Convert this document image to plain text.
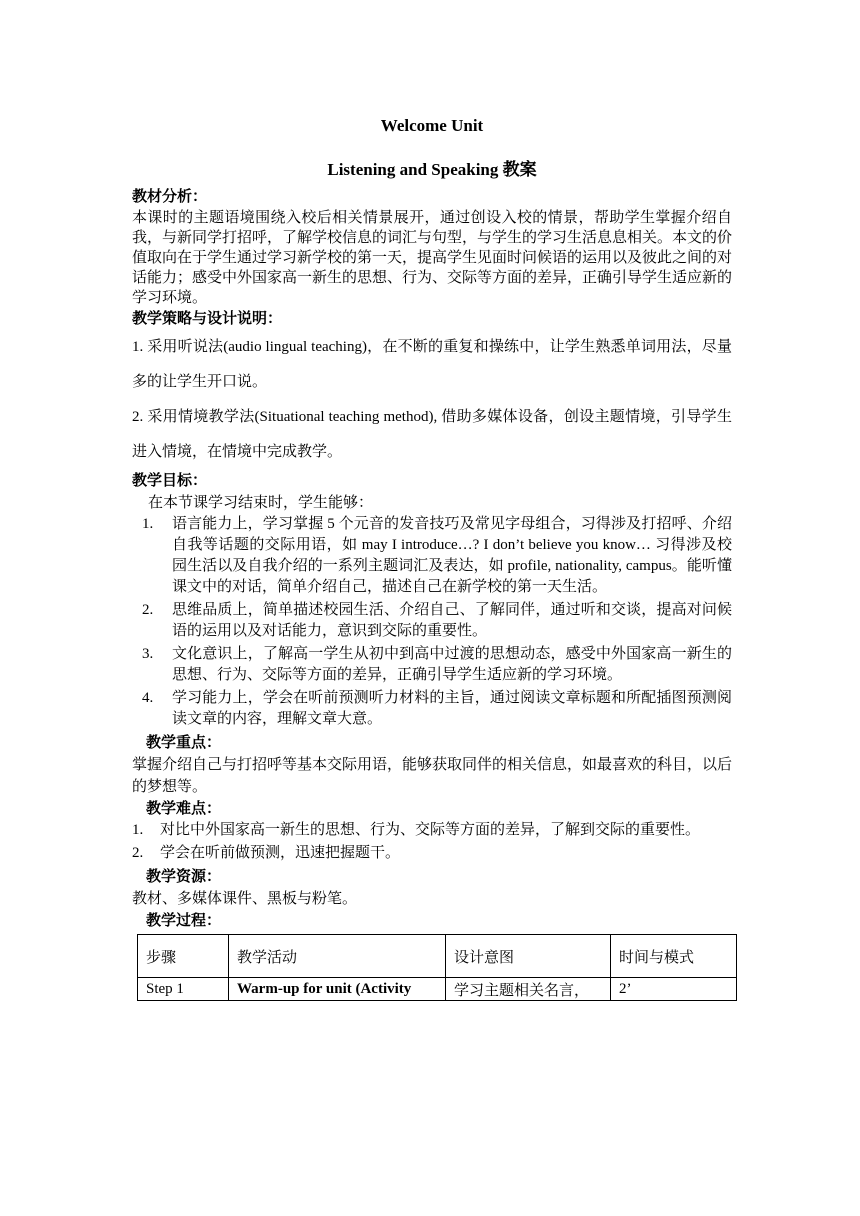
Welcome Unit
Listening and Speaking 教案
教材分析：
本课时的主题语境围绕入校后相关情景展开，通过创设入校的情景，帮助学生掌握介绍自我，与新同学打招呼，了解学校信息的词汇与句型，与学生的学习生活息息相关。本文的价值取向在于学生通过学习新学校的第一天，提高学生见面时问候语的运用以及彼此之间的对话能力；感受中外国家高一新生的思想、行为、交际等方面的差异，正确引导学生适应新的学习环境。
教学策略与设计说明：
1. 采用听说法(audio lingual teaching)，在不断的重复和操练中，让学生熟悉单词用法，尽量多的让学生开口说。
2. 采用情境教学法(Situational teaching method), 借助多媒体设备，创设主题情境，引导学生进入情境，在情境中完成教学。
教学目标：
在本节课学习结束时，学生能够：
1. 语言能力上，学习掌握 5 个元音的发音技巧及常见字母组合，习得涉及打招呼、介绍自我等话题的交际用语，如 may I introduce…? I don’t believe you know… 习得涉及校园生活以及自我介绍的一系列主题词汇及表达，如 profile, nationality, campus。能听懂课文中的对话，简单介绍自己，描述自己在新学校的第一天生活。
2. 思维品质上，简单描述校园生活、介绍自己、了解同伴，通过听和交谈，提高对问候语的运用以及对话能力，意识到交际的重要性。
3. 文化意识上，了解高一学生从初中到高中过渡的思想动态，感受中外国家高一新生的思想、行为、交际等方面的差异，正确引导学生适应新的学习环境。
4. 学习能力上，学会在听前预测听力材料的主旨，通过阅读文章标题和所配插图预测阅读文章的内容，理解文章大意。
教学重点：
掌握介绍自己与打招呼等基本交际用语，能够获取同伴的相关信息，如最喜欢的科目，以后的梦想等。
教学难点：
1. 对比中外国家高一新生的思想、行为、交际等方面的差异，了解到交际的重要性。
2. 学会在听前做预测，迅速把握题干。
教学资源：
教材、多媒体课件、黑板与粉笔。
教学过程：
步骤	教学活动	设计意图	时间与模式
Step 1	Warm-up for unit (Activity	学习主题相关名言，	2’
